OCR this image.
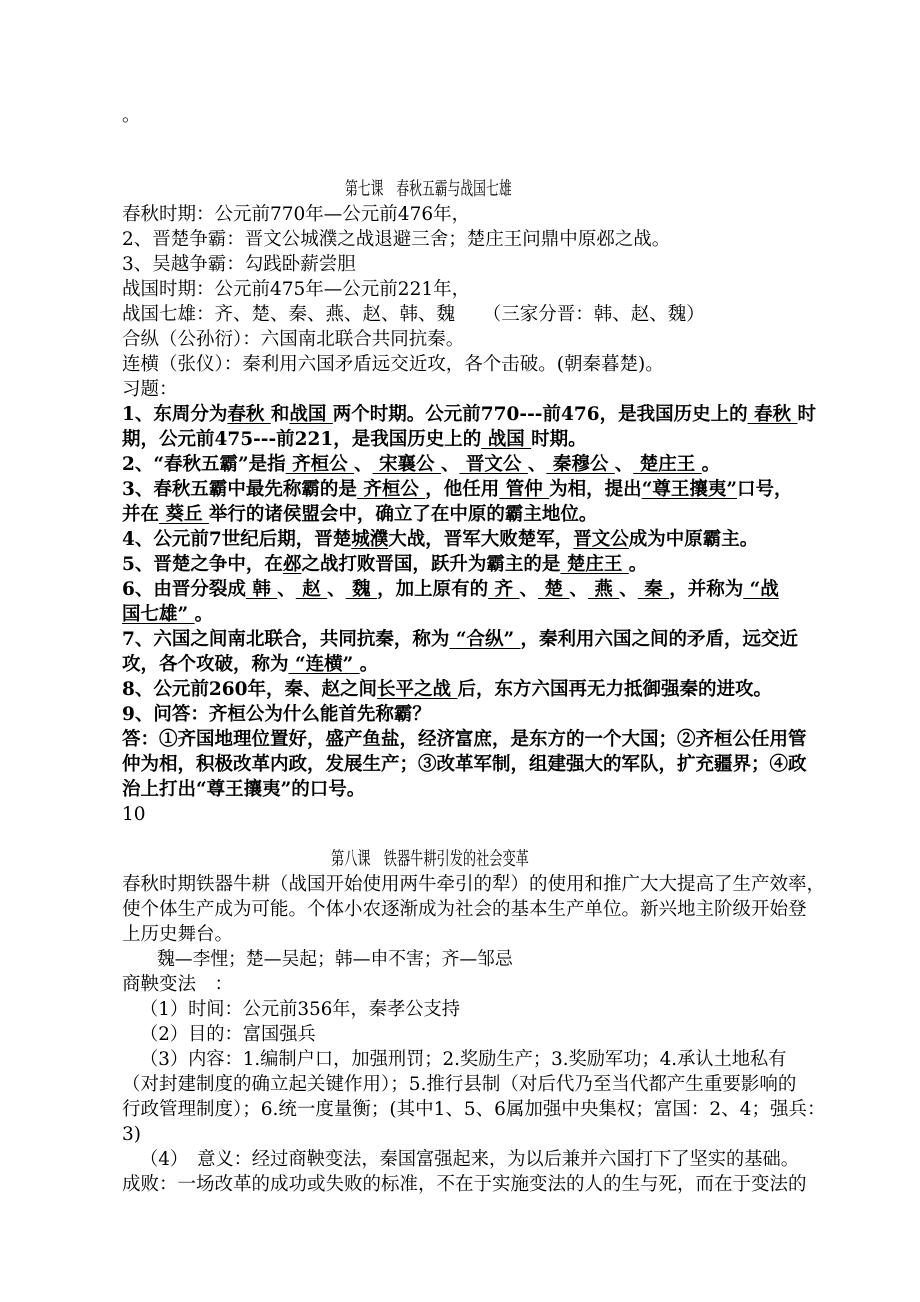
。
第七课　春秋五霸与战国七雄
春秋时期：公元前770年—公元前476年，
2、晋楚争霸：晋文公城濮之战退避三舍；楚庄王问鼎中原邲之战。
3、吴越争霸：勾践卧薪尝胆
战国时期：公元前475年—公元前221年，
战国七雄：齐、楚、秦、燕、赵、韩、魏　　（三家分晋：韩、赵、魏）
合纵（公孙衍）：六国南北联合共同抗秦。
连横（张仪）：秦利用六国矛盾远交近攻，各个击破。(朝秦暮楚)。
习题：
1、东周分为春秋 和战国 两个时期。公元前770---前476，是我国历史上的 春秋 时
期，公元前475---前221，是我国历史上的 战国 时期。
2、“春秋五霸”是指 齐桓公 、 宋襄公 、 晋文公 、 秦穆公 、 楚庄王 。
3、春秋五霸中最先称霸的是 齐桓公 ，他任用 管仲 为相，提出“尊王攘夷”口号，
并在 葵丘 举行的诸侯盟会中，确立了在中原的霸主地位。
4、公元前7世纪后期，晋楚城濮大战，晋军大败楚军，晋文公成为中原霸主。
5、晋楚之争中，在邲之战打败晋国，跃升为霸主的是 楚庄王 。
6、由晋分裂成 韩 、 赵 、 魏 ，加上原有的 齐 、 楚 、 燕 、 秦 ，并称为 “战
国七雄” 。
7、六国之间南北联合，共同抗秦，称为 “合纵” ，秦利用六国之间的矛盾，远交近
攻，各个攻破，称为 “连横” 。
8、公元前260年，秦、赵之间长平之战 后，东方六国再无力抵御强秦的进攻。
9、问答：齐桓公为什么能首先称霸？
答：①齐国地理位置好，盛产鱼盐，经济富庶，是东方的一个大国；②齐桓公任用管
仲为相，积极改革内政，发展生产；③改革军制，组建强大的军队，扩充疆界；④政
治上打出“尊王攘夷”的口号。
10
第八课　铁器牛耕引发的社会变革
春秋时期铁器牛耕（战国开始使用两牛牵引的犁）的使用和推广大大提高了生产效率，
使个体生产成为可能。个体小农逐渐成为社会的基本生产单位。新兴地主阶级开始登
上历史舞台。
魏—李悝；楚—吴起；韩—申不害；齐—邹忌
商鞅变法　：
（1）时间：公元前356年，秦孝公支持
（2）目的：富国强兵
（3）内容：1.编制户口，加强刑罚；2.奖励生产；3.奖励军功；4.承认土地私有
（对封建制度的确立起关键作用）；5.推行县制（对后代乃至当代都产生重要影响的
行政管理制度）；6.统一度量衡；(其中1、5、6属加强中央集权；富国：2、4；强兵：
3)
（4）　意义：经过商鞅变法，秦国富强起来，为以后兼并六国打下了坚实的基础。
成败：一场改革的成功或失败的标准，不在于实施变法的人的生与死，而在于变法的
